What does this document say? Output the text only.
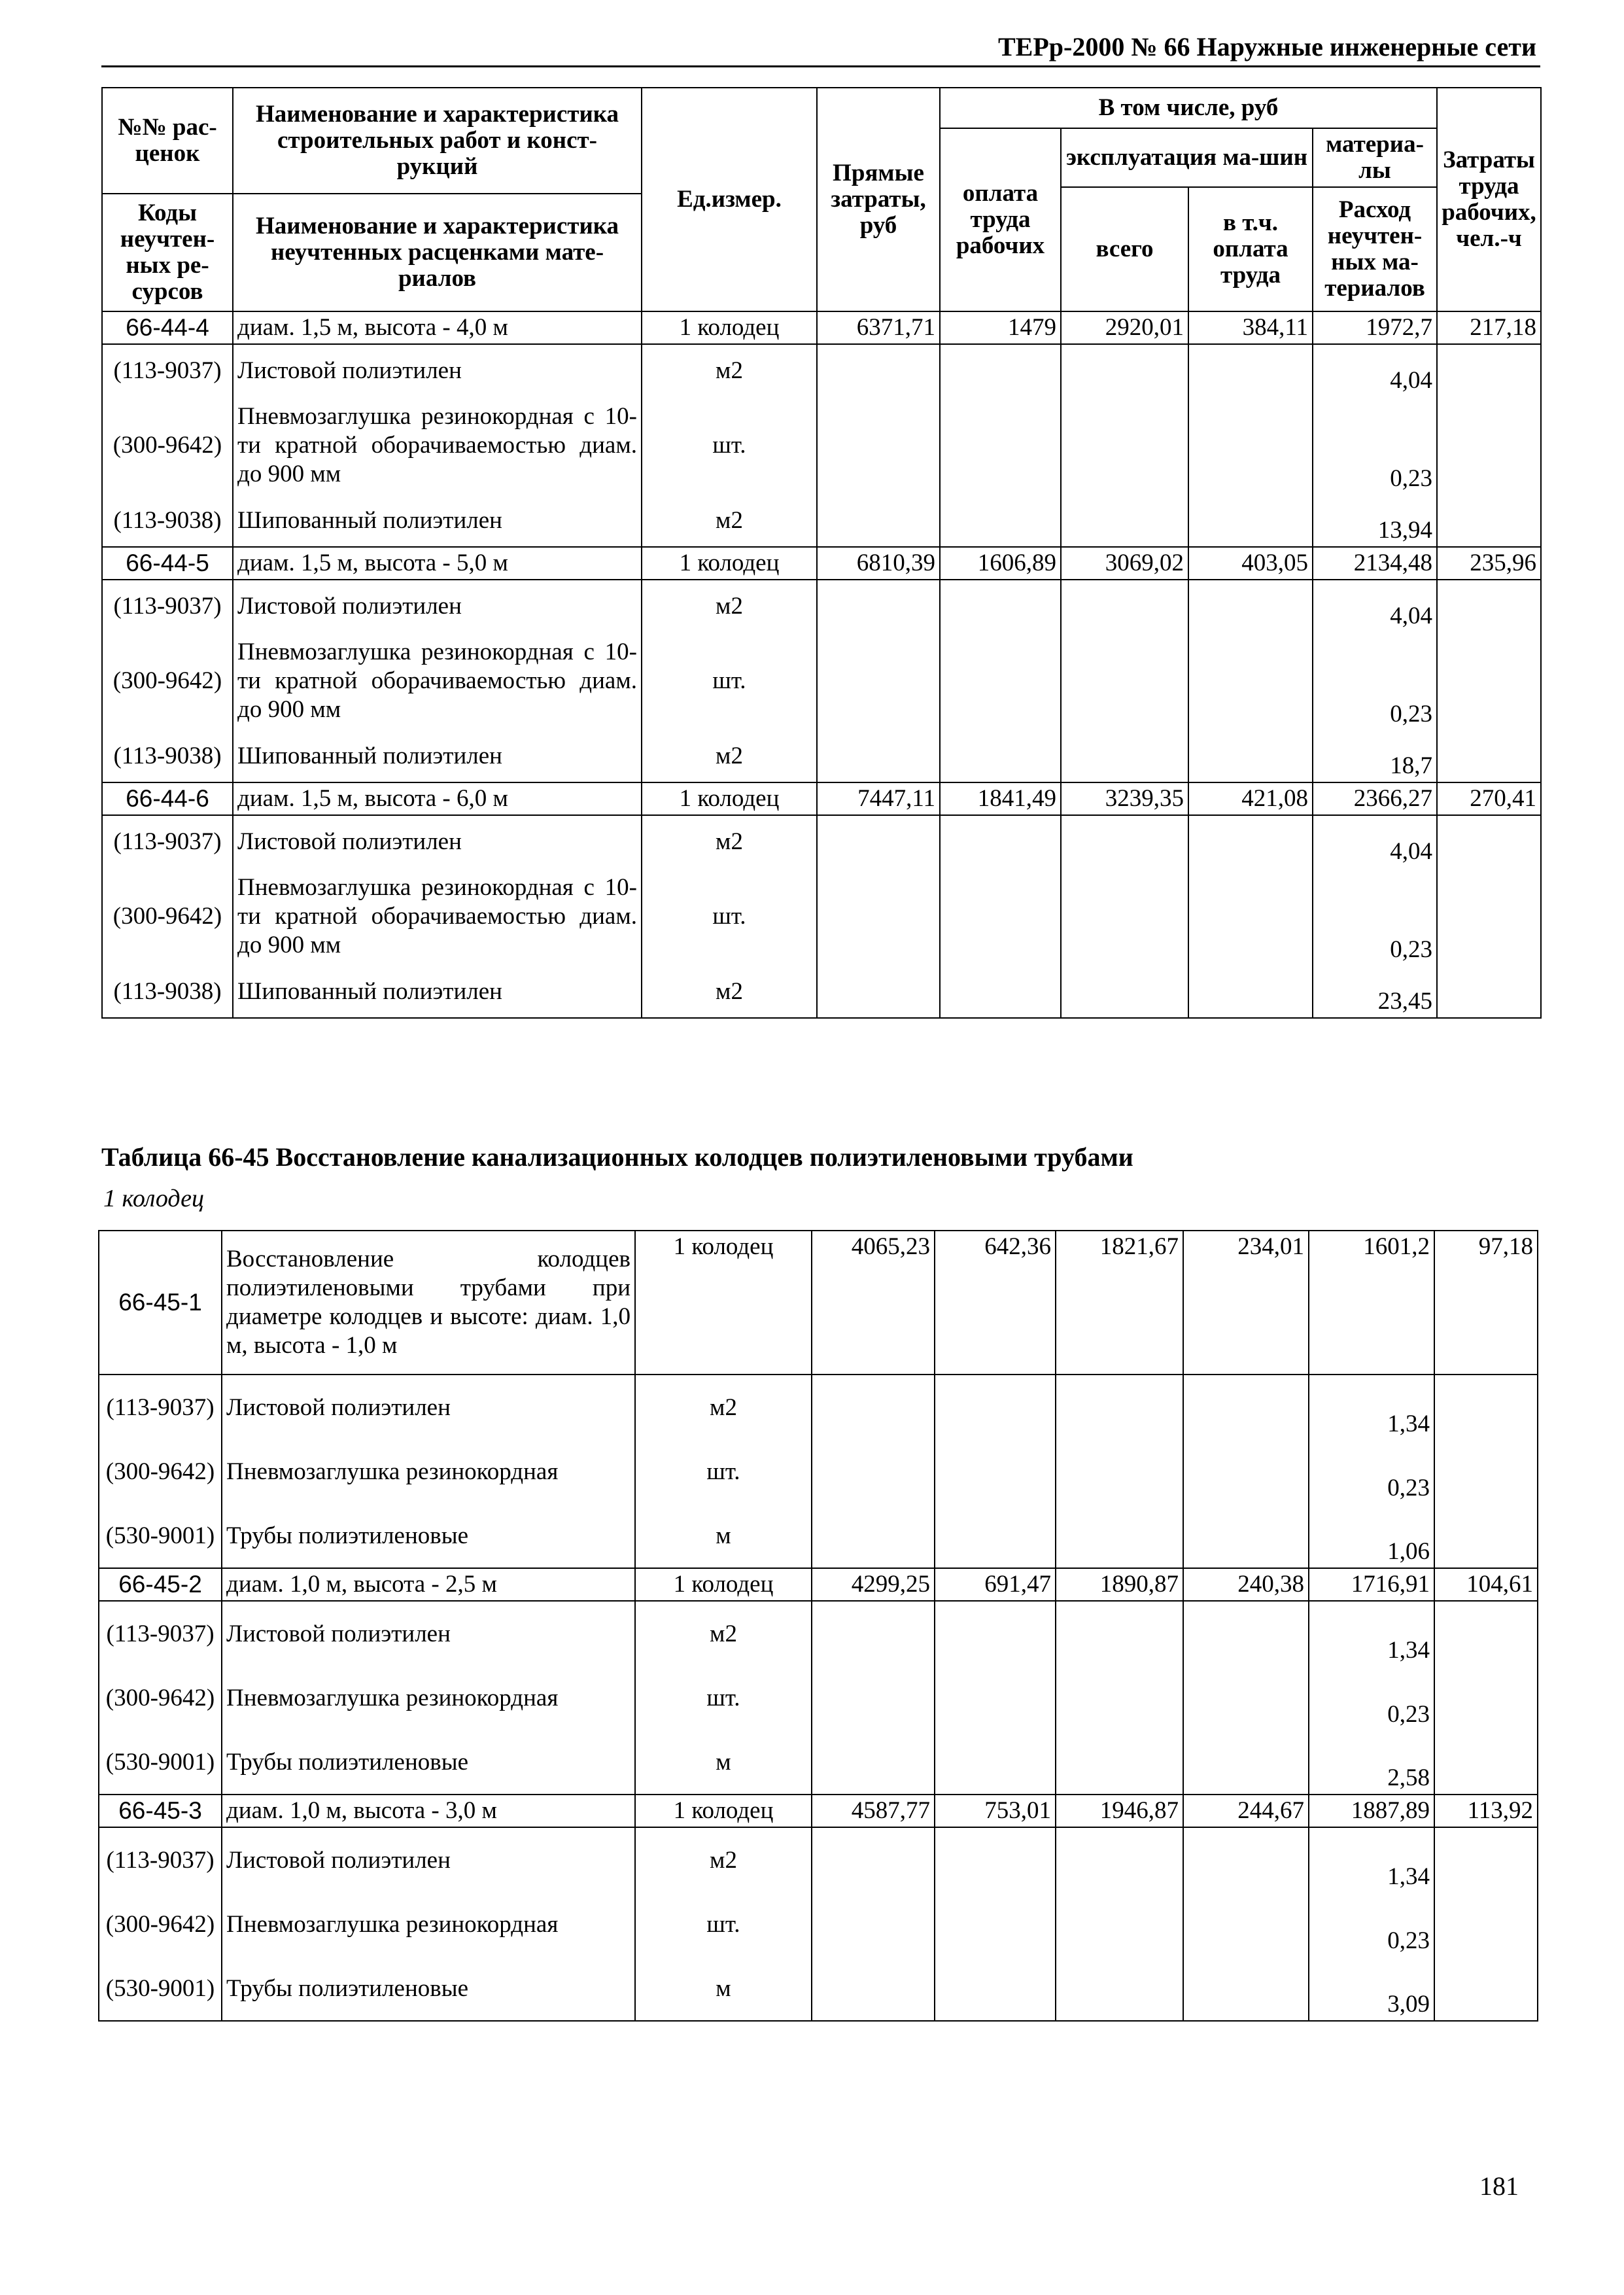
ТЕРр-2000 № 66 Наружные инженерные сети
№№ рас-ценок	Наименование и характеристика строительных работ и конст-рукций	Ед.измер.	Прямые затраты, руб	В том числе, руб				Затраты труда рабочих, чел.-ч
				оплата труда рабочих	эксплуатация ма-шин		материа-лы	
					всего	в т.ч. оплата труда	Расход неучтен-ных ма-териалов	
Коды неучтен-ных ре-сурсов	Наименование и характеристика неучтенных расценками мате-риалов							

66-44-4	диам. 1,5 м, высота - 4,0 м	1 колодец	6371,71	1479	2920,01	384,11	1972,7	217,18
(113-9037)	Листовой полиэтилен	м2					4,04	
(300-9642)	Пневмозаглушка резинокордная с 10-ти кратной оборачиваемостью диам. до 900 мм	шт.					0,23	
(113-9038)	Шипованный полиэтилен	м2					13,94	
66-44-5	диам. 1,5 м, высота - 5,0 м	1 колодец	6810,39	1606,89	3069,02	403,05	2134,48	235,96
(113-9037)	Листовой полиэтилен	м2					4,04	
(300-9642)	Пневмозаглушка резинокордная с 10-ти кратной оборачиваемостью диам. до 900 мм	шт.					0,23	
(113-9038)	Шипованный полиэтилен	м2					18,7	
66-44-6	диам. 1,5 м, высота - 6,0 м	1 колодец	7447,11	1841,49	3239,35	421,08	2366,27	270,41
(113-9037)	Листовой полиэтилен	м2					4,04	
(300-9642)	Пневмозаглушка резинокордная с 10-ти кратной оборачиваемостью диам. до 900 мм	шт.					0,23	
(113-9038)	Шипованный полиэтилен	м2					23,45	
Таблица 66-45 Восстановление канализационных колодцев полиэтиленовыми трубами
1 колодец
66-45-1	Восстановление колодцев полиэтиленовыми трубами при диаметре колодцев и высоте: диам. 1,0 м, высота - 1,0 м	1 колодец	4065,23	642,36	1821,67	234,01	1601,2	97,18
(113-9037)	Листовой полиэтилен	м2					1,34	
(300-9642)	Пневмозаглушка резинокордная	шт.					0,23	
(530-9001)	Трубы полиэтиленовые	м					1,06	
66-45-2	диам. 1,0 м, высота - 2,5 м	1 колодец	4299,25	691,47	1890,87	240,38	1716,91	104,61
(113-9037)	Листовой полиэтилен	м2					1,34	
(300-9642)	Пневмозаглушка резинокордная	шт.					0,23	
(530-9001)	Трубы полиэтиленовые	м					2,58	
66-45-3	диам. 1,0 м, высота - 3,0 м	1 колодец	4587,77	753,01	1946,87	244,67	1887,89	113,92
(113-9037)	Листовой полиэтилен	м2					1,34	
(300-9642)	Пневмозаглушка резинокордная	шт.					0,23	
(530-9001)	Трубы полиэтиленовые	м					3,09	
181
